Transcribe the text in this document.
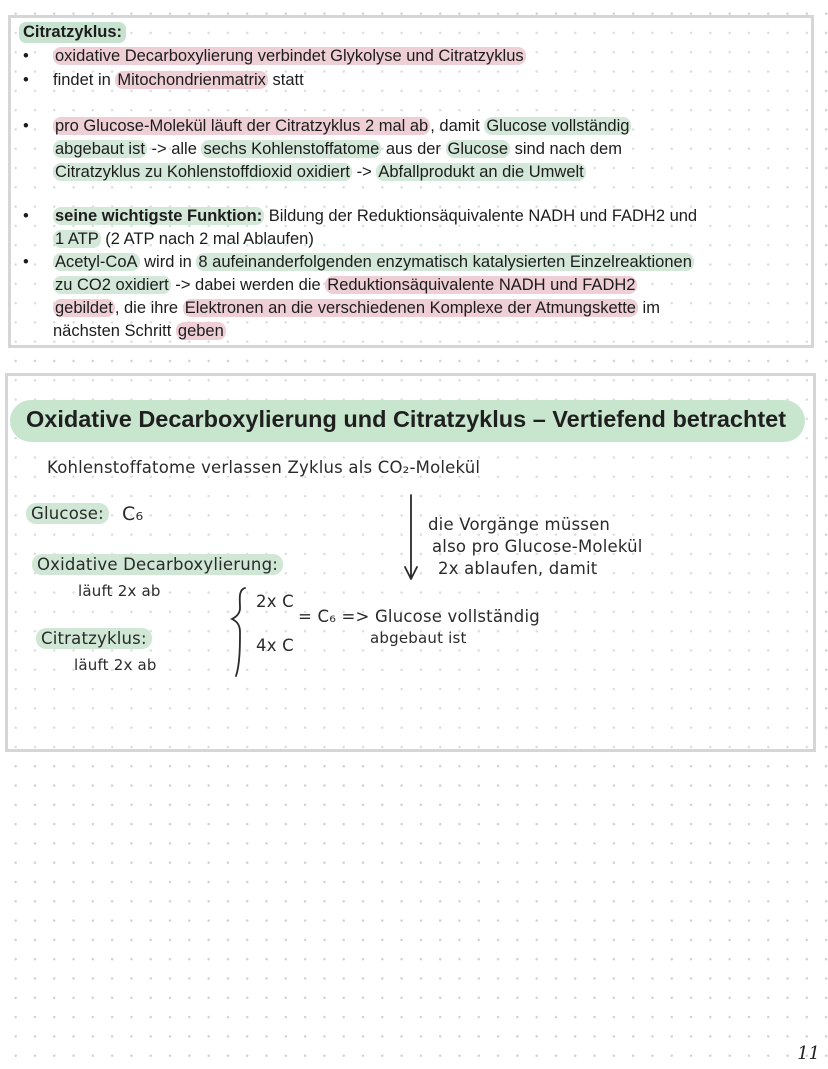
Citratzyklus:
• oxidative Decarboxylierung verbindet Glykolyse und Citratzyklus
• findet in Mitochondrienmatrix statt
• pro Glucose-Molekül läuft der Citratzyklus 2 mal ab , damit Glucose vollständig
abgebaut ist -> alle sechs Kohlenstoffatome aus der Glucose sind nach dem
Citratzyklus zu Kohlenstoffdioxid oxidiert -> Abfallprodukt an die Umwelt
• seine wichtigste Funktion: Bildung der Reduktionsäquivalente NADH und FADH2 und
1 ATP (2 ATP nach 2 mal Ablaufen)
• Acetyl-CoA wird in 8 aufeinanderfolgenden enzymatisch katalysierten Einzelreaktionen
zu CO2 oxidiert -> dabei werden die Reduktionsäquivalente NADH und FADH2
gebildet , die ihre Elektronen an die verschiedenen Komplexe der Atmungskette im
nächsten Schritt geben
Oxidative Decarboxylierung und Citratzyklus – Vertiefend betrachtet
Kohlenstoffatome verlassen Zyklus als CO₂-Molekül
Glucose: C₆
Oxidative Decarboxylierung:
läuft 2x ab
Citratzyklus:
läuft 2x ab
2x C
4x C
= C₆ => Glucose vollständig
abgebaut ist
die Vorgänge müssen
also pro Glucose-Molekül
2x ablaufen, damit
11
